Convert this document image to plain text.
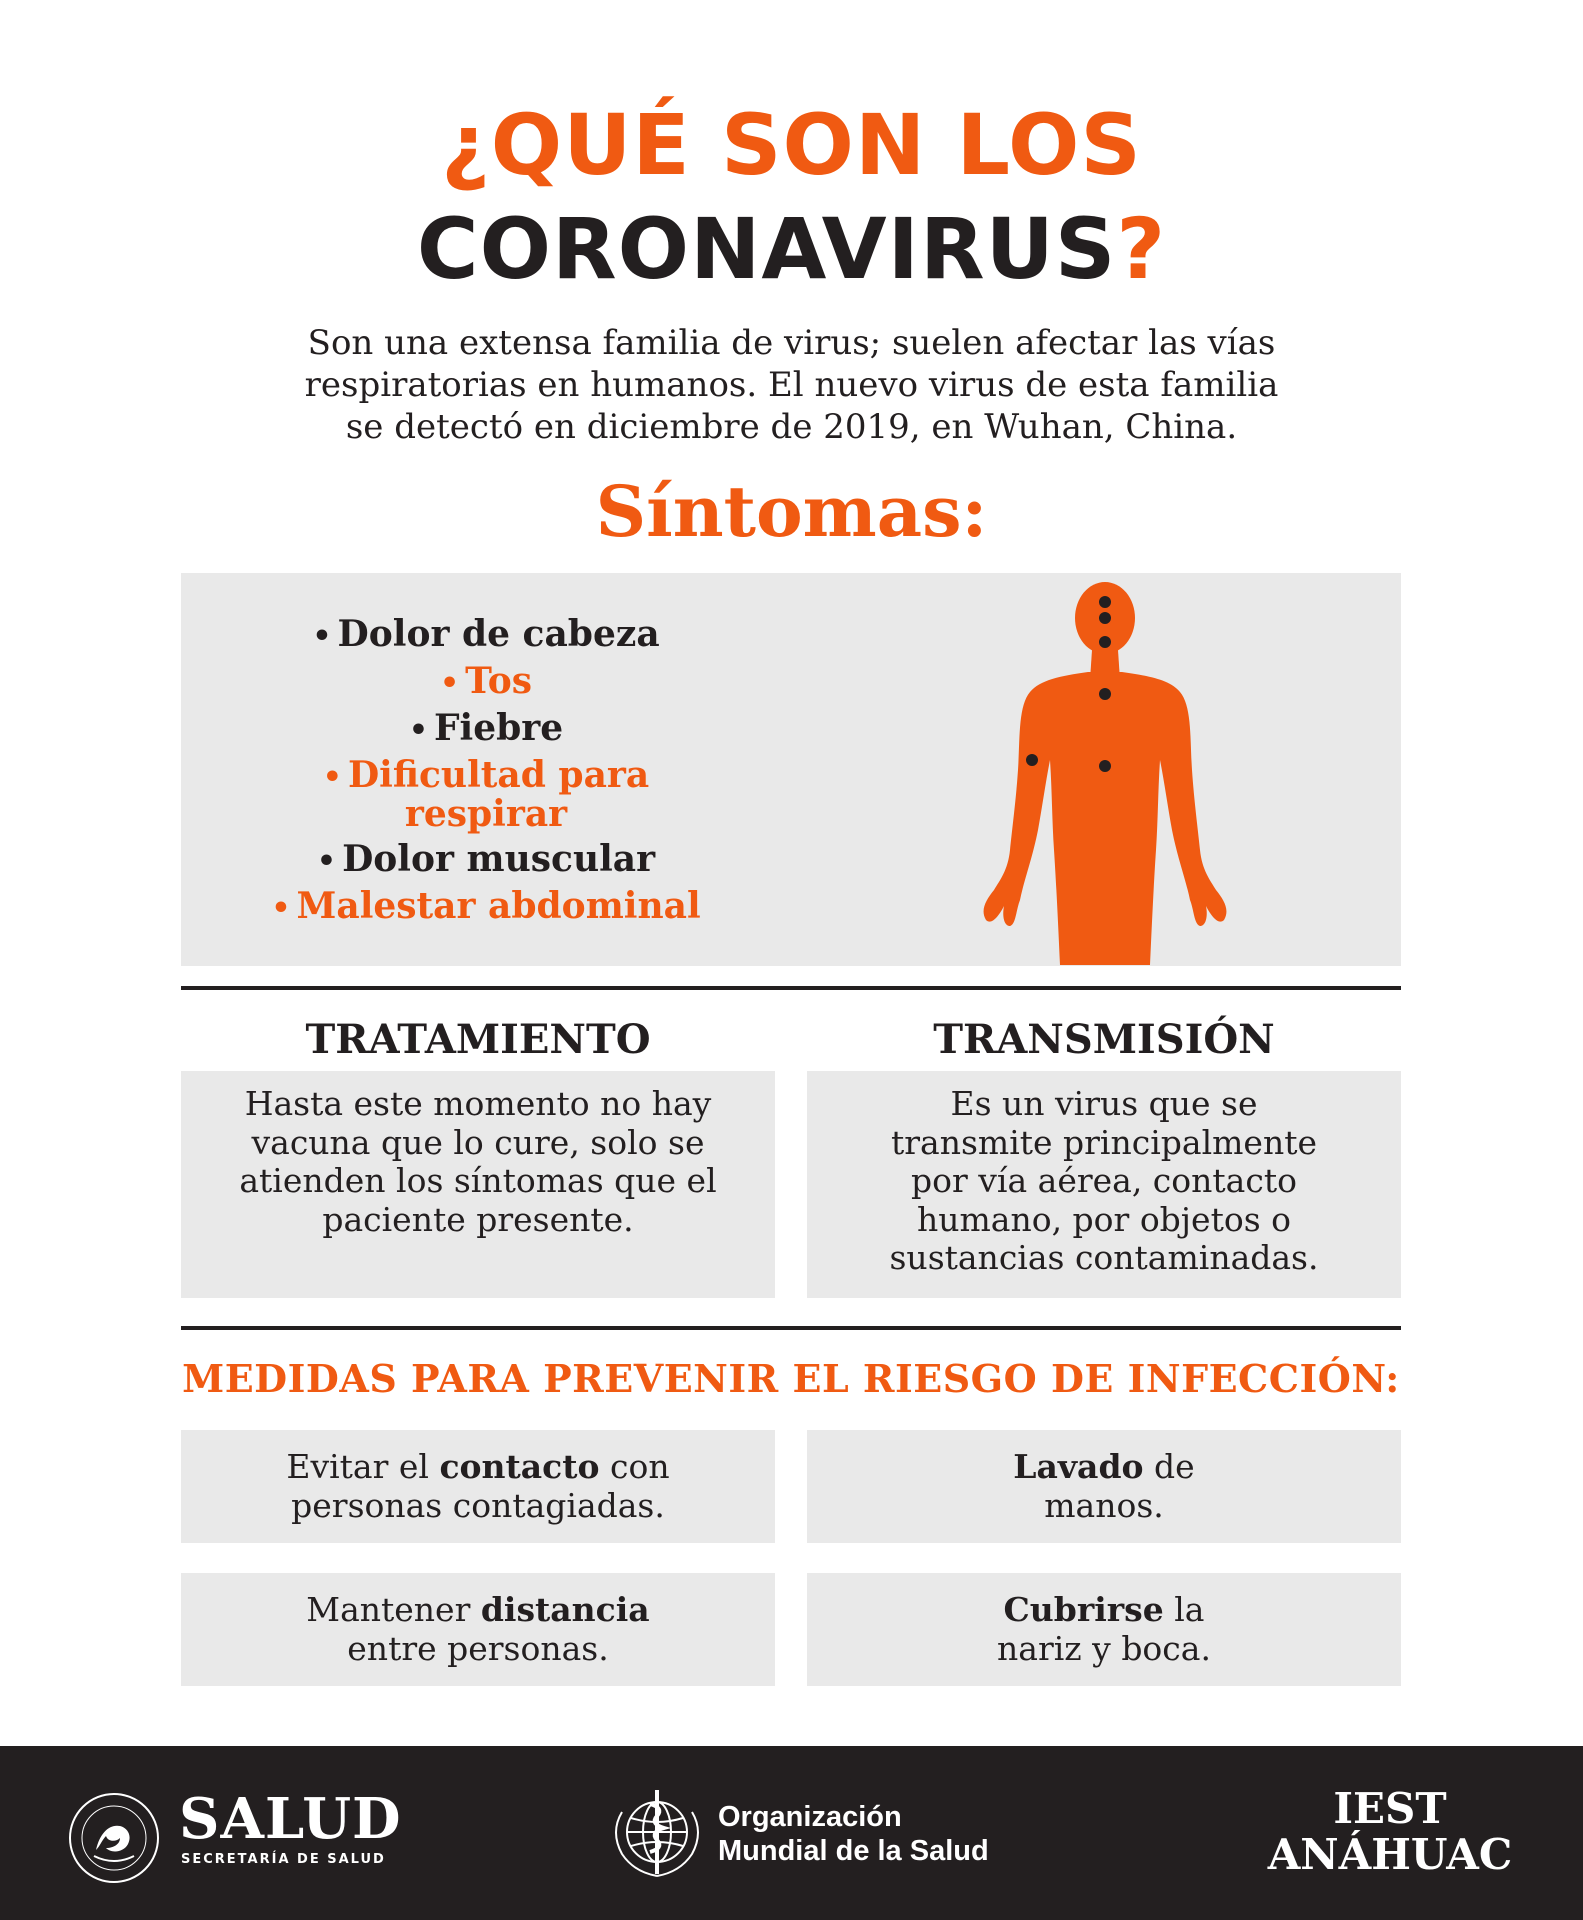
¿QUÉ SON LOS
CORONAVIRUS?
Son una extensa familia de virus; suelen afectar las vías
respiratorias en humanos. El nuevo virus de esta familia
se detectó en diciembre de 2019, en Wuhan, China.
Síntomas:
• Dolor de cabeza
• Tos
• Fiebre
• Dificultad para
respirar
• Dolor muscular
• Malestar abdominal
TRATAMIENTO	TRANSMISIÓN
Hasta este momento no hay
vacuna que lo cure, solo se
atienden los síntomas que el
paciente presente.
Es un virus que se
transmite principalmente
por vía aérea, contacto
humano, por objetos o
sustancias contaminadas.
MEDIDAS PARA PREVENIR EL RIESGO DE INFECCIÓN:
Evitar el contacto con
personas contagiadas.
Lavado de
manos.
Mantener distancia
entre personas.
Cubrirse la
nariz y boca.
SALUD
SECRETARÍA DE SALUD
Organización
Mundial de la Salud
IEST
ANÁHUAC
